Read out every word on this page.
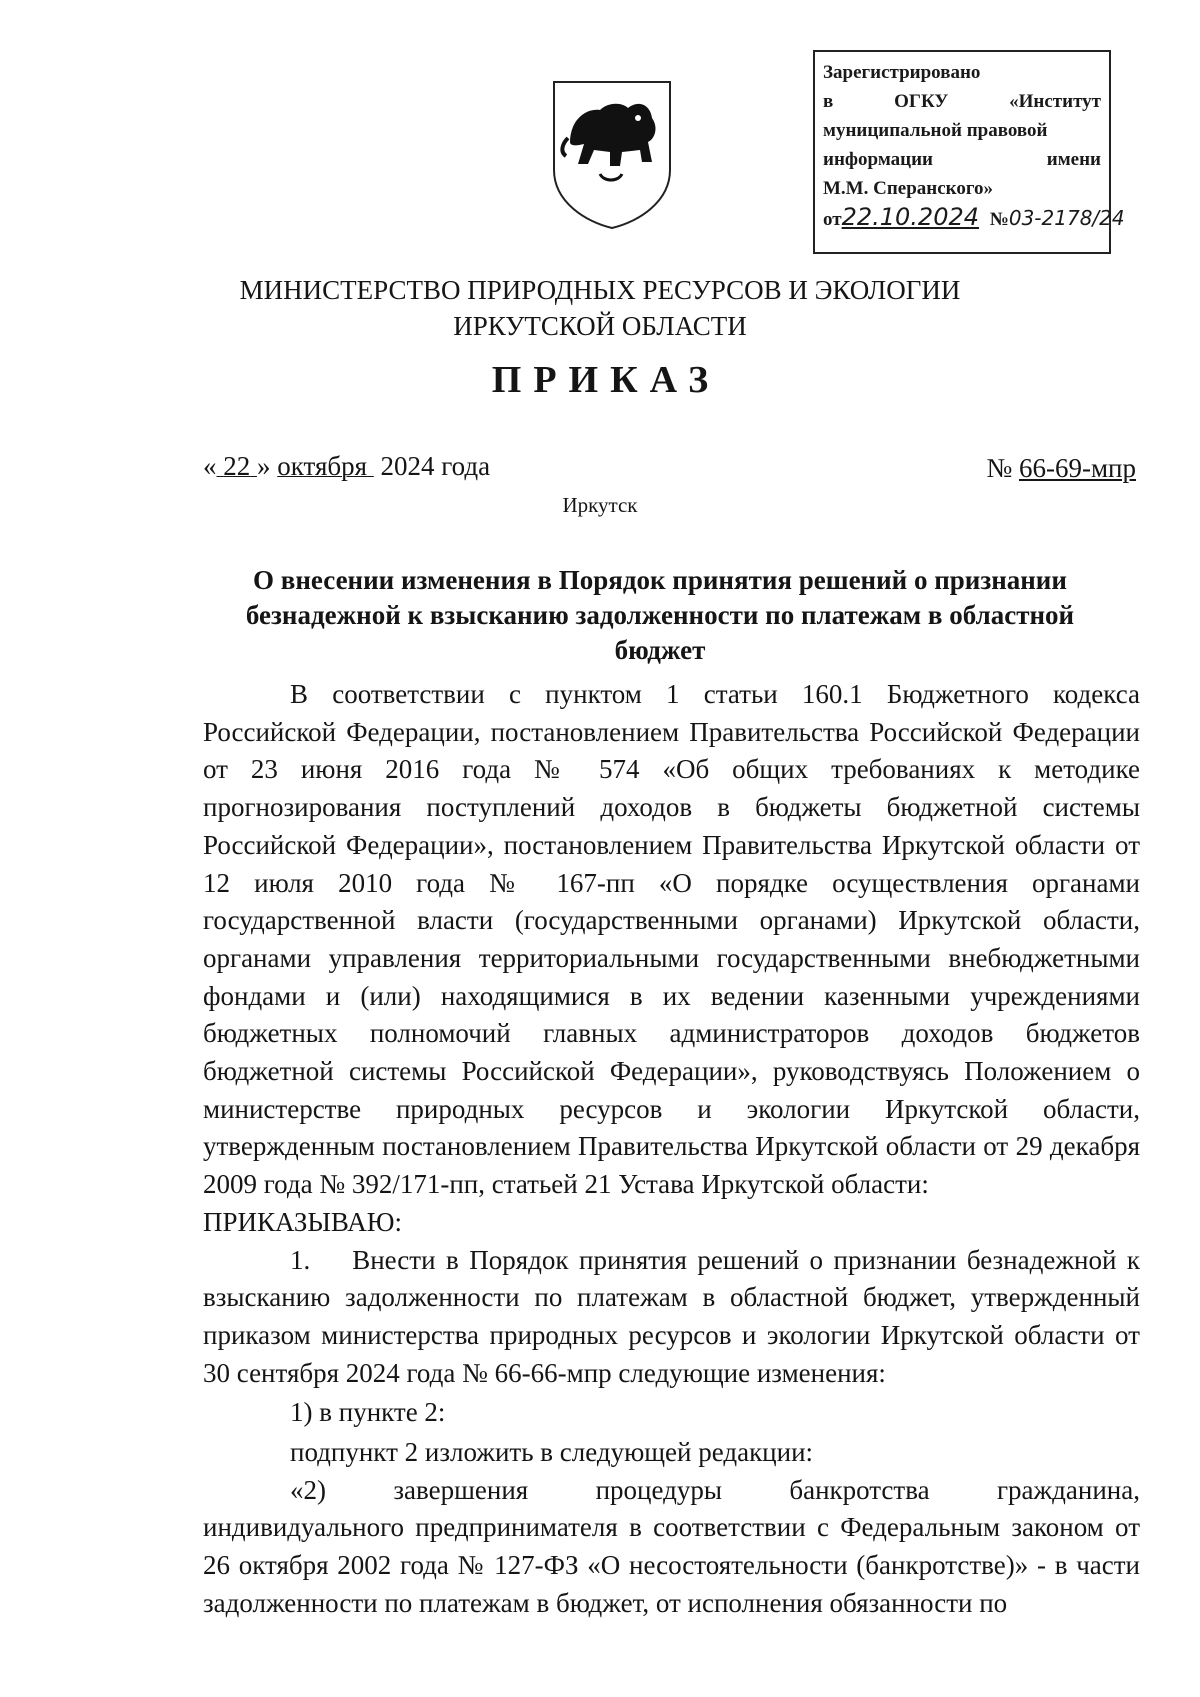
Зарегистрировано
в	ОГКУ	«Институт
муниципальной правовой
информации	имени
М.М. Сперанского»
от22.10.2024 №03-2178/24
МИНИСТЕРСТВО ПРИРОДНЫХ РЕСУРСОВ И ЭКОЛОГИИ
ИРКУТСКОЙ ОБЛАСТИ
ПРИКАЗ
« 22 » октября 2024 года	№ 66-69-мпр
Иркутск
О внесении изменения в Порядок принятия решений о признании безнадежной к взысканию задолженности по платежам в областной бюджет

В соответствии с пунктом 1 статьи 160.1 Бюджетного кодекса Российской Федерации, постановлением Правительства Российской Федерации от 23 июня 2016 года № 574 «Об общих требованиях к методике прогнозирования поступлений доходов в бюджеты бюджетной системы Российской Федерации», постановлением Правительства Иркутской области от 12 июля 2010 года № 167-пп «О порядке осуществления органами государственной власти (государственными органами) Иркутской области, органами управления территориальными государственными внебюджетными фондами и (или) находящимися в их ведении казенными учреждениями бюджетных полномочий главных администраторов доходов бюджетов бюджетной системы Российской Федерации», руководствуясь Положением о министерстве природных ресурсов и экологии Иркутской области, утвержденным постановлением Правительства Иркутской области от 29 декабря 2009 года № 392/171-пп, статьей 21 Устава Иркутской области:

ПРИКАЗЫВАЮ:

1. Внести в Порядок принятия решений о признании безнадежной к взысканию задолженности по платежам в областной бюджет, утвержденный приказом министерства природных ресурсов и экологии Иркутской области от 30 сентября 2024 года № 66-66-мпр следующие изменения:

1) в пункте 2:

подпункт 2 изложить в следующей редакции:

«2) завершения процедуры банкротства гражданина,

индивидуального предпринимателя в соответствии с Федеральным законом от 26 октября 2002 года № 127-ФЗ «О несостоятельности (банкротстве)» - в части задолженности по платежам в бюджет, от исполнения обязанности по
